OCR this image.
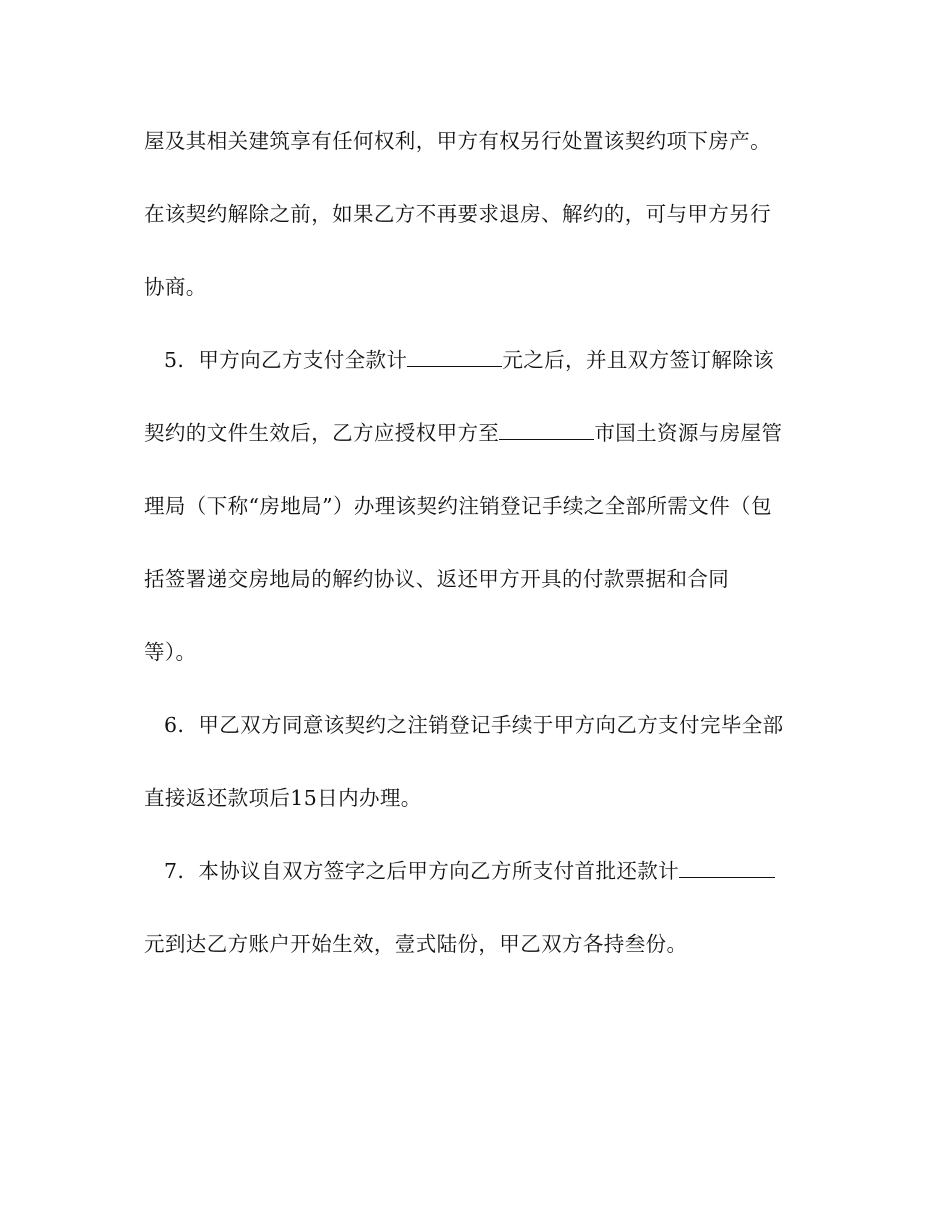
屋及其相关建筑享有任何权利，甲方有权另行处置该契约项下房产。

在该契约解除之前，如果乙方不再要求退房、解约的，可与甲方另行

协商。

5．甲方向乙方支付全款计	元之后，并且双方签订解除该

契约的文件生效后，乙方应授权甲方至	市国土资源与房屋管

理局（下称“房地局”）办理该契约注销登记手续之全部所需文件（包

括签署递交房地局的解约协议、返还甲方开具的付款票据和合同

等）。

6．甲乙双方同意该契约之注销登记手续于甲方向乙方支付完毕全部

直接返还款项后15日内办理。

7．本协议自双方签字之后甲方向乙方所支付首批还款计

元到达乙方账户开始生效，壹式陆份，甲乙双方各持叁份。
